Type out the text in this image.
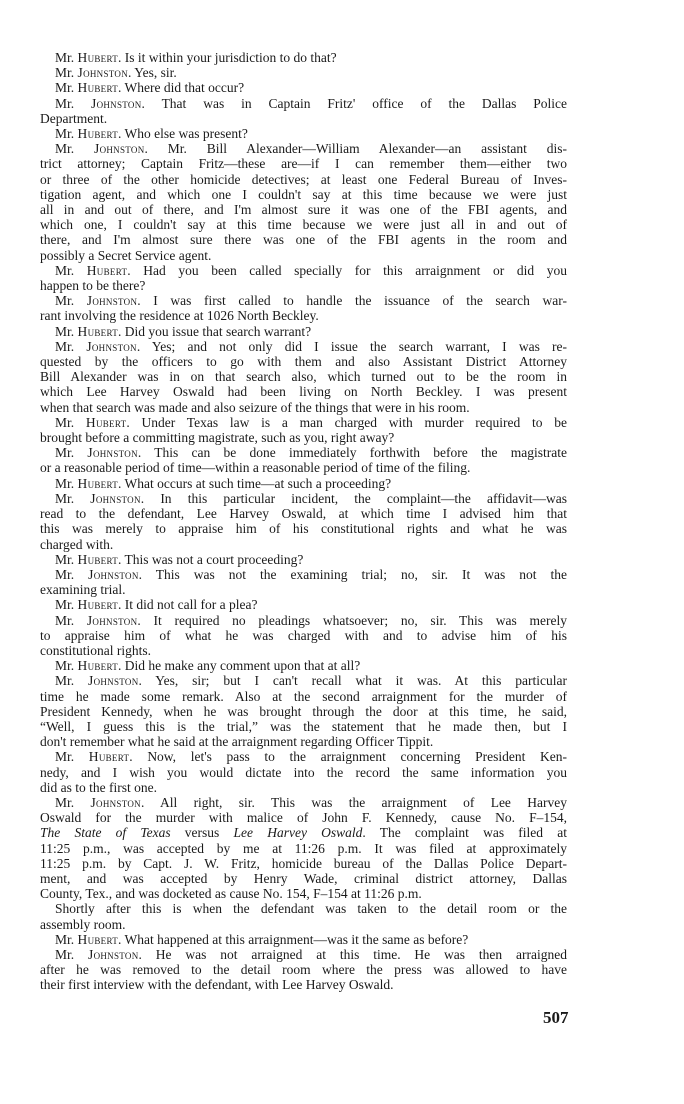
Mr. Hubert. Is it within your jurisdiction to do that?
Mr. Johnston. Yes, sir.
Mr. Hubert. Where did that occur?
Mr. Johnston. That was in Captain Fritz' office of the Dallas Police
Department.
Mr. Hubert. Who else was present?
Mr. Johnston. Mr. Bill Alexander—William Alexander—an assistant dis-
trict attorney; Captain Fritz—these are—if I can remember them—either two
or three of the other homicide detectives; at least one Federal Bureau of Inves-
tigation agent, and which one I couldn't say at this time because we were just
all in and out of there, and I'm almost sure it was one of the FBI agents, and
which one, I couldn't say at this time because we were just all in and out of
there, and I'm almost sure there was one of the FBI agents in the room and
possibly a Secret Service agent.
Mr. Hubert. Had you been called specially for this arraignment or did you
happen to be there?
Mr. Johnston. I was first called to handle the issuance of the search war-
rant involving the residence at 1026 North Beckley.
Mr. Hubert. Did you issue that search warrant?
Mr. Johnston. Yes; and not only did I issue the search warrant, I was re-
quested by the officers to go with them and also Assistant District Attorney
Bill Alexander was in on that search also, which turned out to be the room in
which Lee Harvey Oswald had been living on North Beckley. I was present
when that search was made and also seizure of the things that were in his room.
Mr. Hubert. Under Texas law is a man charged with murder required to be
brought before a committing magistrate, such as you, right away?
Mr. Johnston. This can be done immediately forthwith before the magistrate
or a reasonable period of time—within a reasonable period of time of the filing.
Mr. Hubert. What occurs at such time—at such a proceeding?
Mr. Johnston. In this particular incident, the complaint—the affidavit—was
read to the defendant, Lee Harvey Oswald, at which time I advised him that
this was merely to appraise him of his constitutional rights and what he was
charged with.
Mr. Hubert. This was not a court proceeding?
Mr. Johnston. This was not the examining trial; no, sir. It was not the
examining trial.
Mr. Hubert. It did not call for a plea?
Mr. Johnston. It required no pleadings whatsoever; no, sir. This was merely
to appraise him of what he was charged with and to advise him of his
constitutional rights.
Mr. Hubert. Did he make any comment upon that at all?
Mr. Johnston. Yes, sir; but I can't recall what it was. At this particular
time he made some remark. Also at the second arraignment for the murder of
President Kennedy, when he was brought through the door at this time, he said,
“Well, I guess this is the trial,” was the statement that he made then, but I
don't remember what he said at the arraignment regarding Officer Tippit.
Mr. Hubert. Now, let's pass to the arraignment concerning President Ken-
nedy, and I wish you would dictate into the record the same information you
did as to the first one.
Mr. Johnston. All right, sir. This was the arraignment of Lee Harvey
Oswald for the murder with malice of John F. Kennedy, cause No. F–154,
The State of Texas versus Lee Harvey Oswald. The complaint was filed at
11:25 p.m., was accepted by me at 11:26 p.m. It was filed at approximately
11:25 p.m. by Capt. J. W. Fritz, homicide bureau of the Dallas Police Depart-
ment, and was accepted by Henry Wade, criminal district attorney, Dallas
County, Tex., and was docketed as cause No. 154, F–154 at 11:26 p.m.
Shortly after this is when the defendant was taken to the detail room or the
assembly room.
Mr. Hubert. What happened at this arraignment—was it the same as before?
Mr. Johnston. He was not arraigned at this time. He was then arraigned
after he was removed to the detail room where the press was allowed to have
their first interview with the defendant, with Lee Harvey Oswald.
507
